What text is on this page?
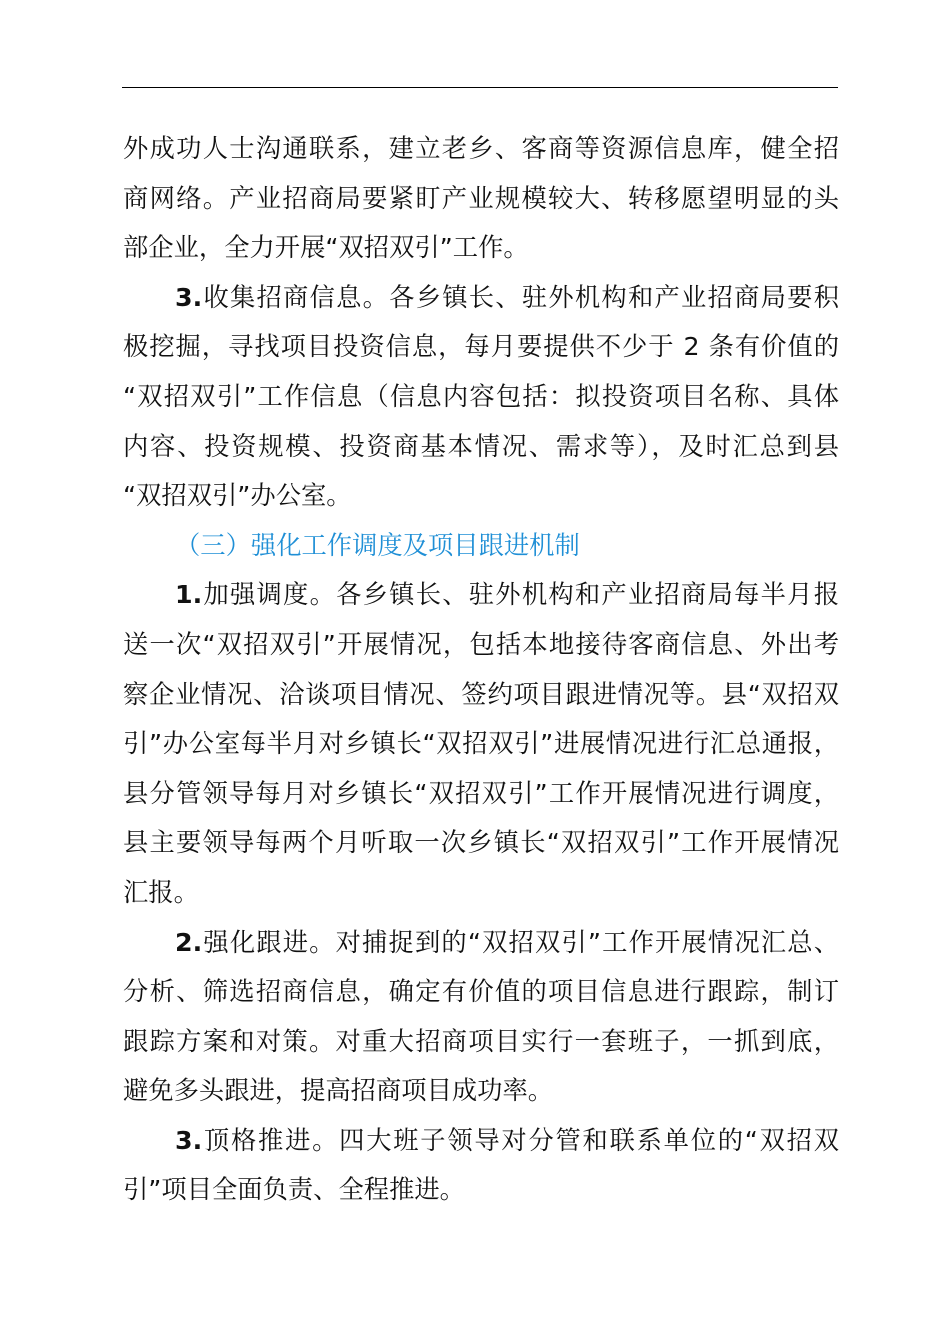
外成功人士沟通联系，建立老乡、客商等资源信息库，健全招
商网络。产业招商局要紧盯产业规模较大、转移愿望明显的头
部企业，全力开展“双招双引”工作。
3.收集招商信息。各乡镇长、驻外机构和产业招商局要积
极挖掘，寻找项目投资信息，每月要提供不少于 2 条有价值的
“双招双引”工作信息（信息内容包括：拟投资项目名称、具体
内容、投资规模、投资商基本情况、需求等），及时汇总到县
“双招双引”办公室。
（三）强化工作调度及项目跟进机制
1.加强调度。各乡镇长、驻外机构和产业招商局每半月报
送一次“双招双引”开展情况，包括本地接待客商信息、外出考
察企业情况、洽谈项目情况、签约项目跟进情况等。县“双招双
引”办公室每半月对乡镇长“双招双引”进展情况进行汇总通报，
县分管领导每月对乡镇长“双招双引”工作开展情况进行调度，
县主要领导每两个月听取一次乡镇长“双招双引”工作开展情况
汇报。
2.强化跟进。对捕捉到的“双招双引”工作开展情况汇总、
分析、筛选招商信息，确定有价值的项目信息进行跟踪，制订
跟踪方案和对策。对重大招商项目实行一套班子，一抓到底，
避免多头跟进，提高招商项目成功率。
3.顶格推进。四大班子领导对分管和联系单位的“双招双
引”项目全面负责、全程推进。
